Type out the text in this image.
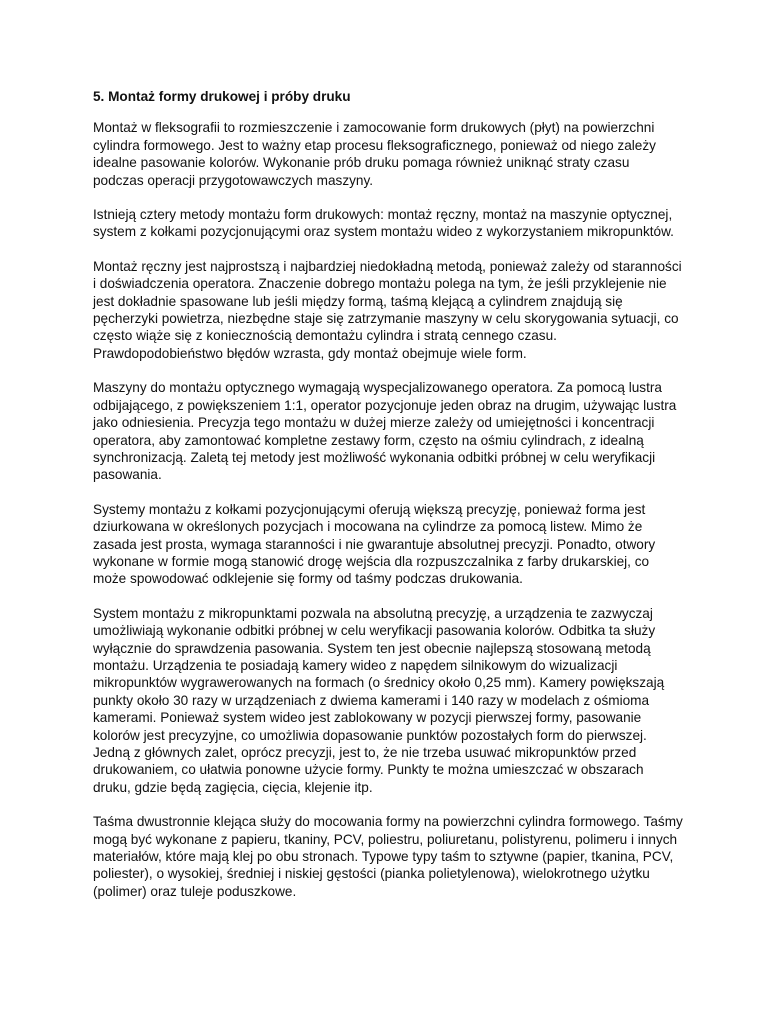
5. Montaż formy drukowej i próby druku

Montaż w fleksografii to rozmieszczenie i zamocowanie form drukowych (płyt) na powierzchni cylindra formowego. Jest to ważny etap procesu fleksograficznego, ponieważ od niego zależy idealne pasowanie kolorów. Wykonanie prób druku pomaga również uniknąć straty czasu podczas operacji przygotowawczych maszyny.

Istnieją cztery metody montażu form drukowych: montaż ręczny, montaż na maszynie optycznej, system z kołkami pozycjonującymi oraz system montażu wideo z wykorzystaniem mikropunktów.

Montaż ręczny jest najprostszą i najbardziej niedokładną metodą, ponieważ zależy od staranności i doświadczenia operatora. Znaczenie dobrego montażu polega na tym, że jeśli przyklejenie nie jest dokładnie spasowane lub jeśli między formą, taśmą klejącą a cylindrem znajdują się pęcherzyki powietrza, niezbędne staje się zatrzymanie maszyny w celu skorygowania sytuacji, co często wiąże się z koniecznością demontażu cylindra i stratą cennego czasu. Prawdopodobieństwo błędów wzrasta, gdy montaż obejmuje wiele form.

Maszyny do montażu optycznego wymagają wyspecjalizowanego operatora. Za pomocą lustra odbijającego, z powiększeniem 1:1, operator pozycjonuje jeden obraz na drugim, używając lustra jako odniesienia. Precyzja tego montażu w dużej mierze zależy od umiejętności i koncentracji operatora, aby zamontować kompletne zestawy form, często na ośmiu cylindrach, z idealną synchronizacją. Zaletą tej metody jest możliwość wykonania odbitki próbnej w celu weryfikacji pasowania.

Systemy montażu z kołkami pozycjonującymi oferują większą precyzję, ponieważ forma jest dziurkowana w określonych pozycjach i mocowana na cylindrze za pomocą listew. Mimo że zasada jest prosta, wymaga staranności i nie gwarantuje absolutnej precyzji. Ponadto, otwory wykonane w formie mogą stanowić drogę wejścia dla rozpuszczalnika z farby drukarskiej, co może spowodować odklejenie się formy od taśmy podczas drukowania.

System montażu z mikropunktami pozwala na absolutną precyzję, a urządzenia te zazwyczaj umożliwiają wykonanie odbitki próbnej w celu weryfikacji pasowania kolorów. Odbitka ta służy wyłącznie do sprawdzenia pasowania. System ten jest obecnie najlepszą stosowaną metodą montażu. Urządzenia te posiadają kamery wideo z napędem silnikowym do wizualizacji mikropunktów wygrawerowanych na formach (o średnicy około 0,25 mm). Kamery powiększają punkty około 30 razy w urządzeniach z dwiema kamerami i 140 razy w modelach z ośmioma kamerami. Ponieważ system wideo jest zablokowany w pozycji pierwszej formy, pasowanie kolorów jest precyzyjne, co umożliwia dopasowanie punktów pozostałych form do pierwszej. Jedną z głównych zalet, oprócz precyzji, jest to, że nie trzeba usuwać mikropunktów przed drukowaniem, co ułatwia ponowne użycie formy. Punkty te można umieszczać w obszarach druku, gdzie będą zagięcia, cięcia, klejenie itp.

Taśma dwustronnie klejąca służy do mocowania formy na powierzchni cylindra formowego. Taśmy mogą być wykonane z papieru, tkaniny, PCV, poliestru, poliuretanu, polistyrenu, polimeru i innych materiałów, które mają klej po obu stronach. Typowe typy taśm to sztywne (papier, tkanina, PCV, poliester), o wysokiej, średniej i niskiej gęstości (pianka polietylenowa), wielokrotnego użytku (polimer) oraz tuleje poduszkowe.
